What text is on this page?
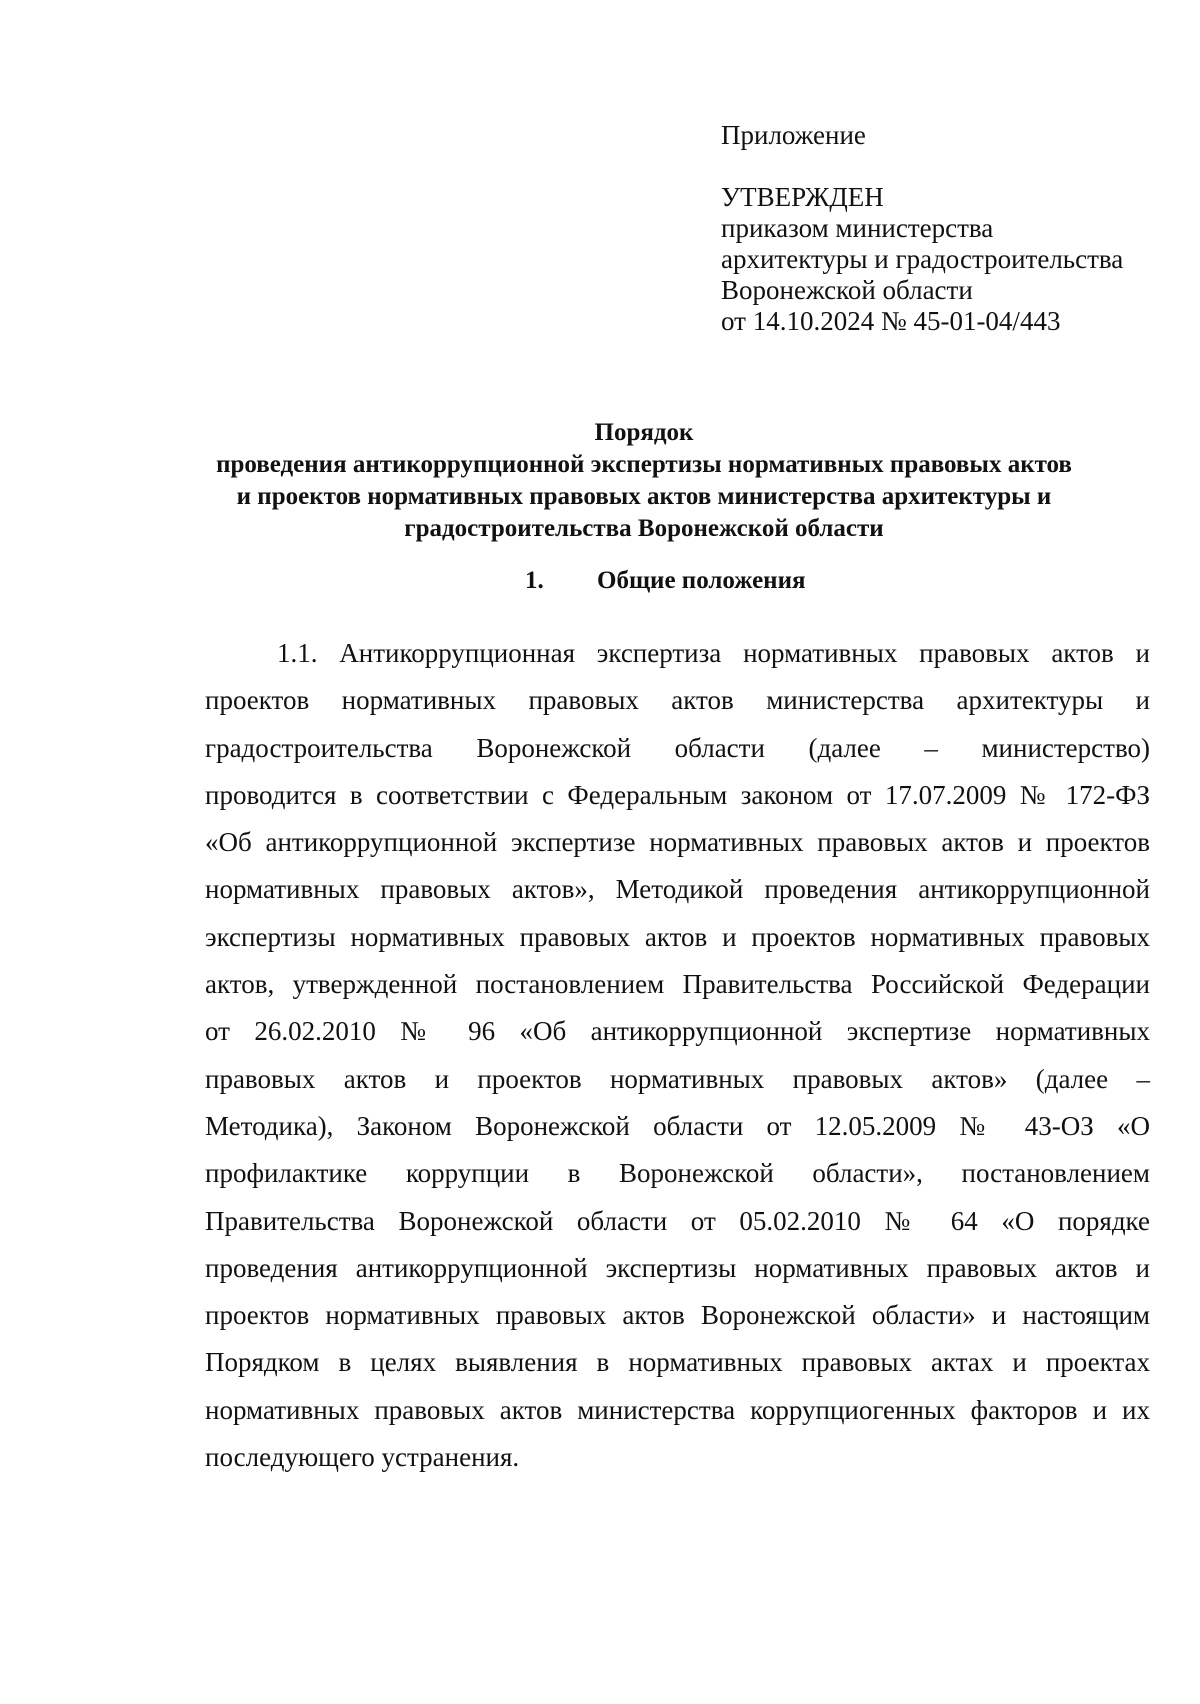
Приложение
УТВЕРЖДЕН
приказом министерства
архитектуры и градостроительства
Воронежской области
от 14.10.2024 № 45-01-04/443
Порядок
проведения антикоррупционной экспертизы нормативных правовых актов
и проектов нормативных правовых актов министерства архитектуры и
градостроительства Воронежской области
1. Общие положения
1.1. Антикоррупционная экспертиза нормативных правовых актов и
проектов нормативных правовых актов министерства архитектуры и
градостроительства Воронежской области (далее – министерство)
проводится в соответствии с Федеральным законом от 17.07.2009 № 172-ФЗ
«Об антикоррупционной экспертизе нормативных правовых актов и проектов
нормативных правовых актов», Методикой проведения антикоррупционной
экспертизы нормативных правовых актов и проектов нормативных правовых
актов, утвержденной постановлением Правительства Российской Федерации
от 26.02.2010 № 96 «Об антикоррупционной экспертизе нормативных
правовых актов и проектов нормативных правовых актов» (далее –
Методика), Законом Воронежской области от 12.05.2009 № 43-ОЗ «О
профилактике коррупции в Воронежской области», постановлением
Правительства Воронежской области от 05.02.2010 № 64 «О порядке
проведения антикоррупционной экспертизы нормативных правовых актов и
проектов нормативных правовых актов Воронежской области» и настоящим
Порядком в целях выявления в нормативных правовых актах и проектах
нормативных правовых актов министерства коррупциогенных факторов и их
последующего устранения.
